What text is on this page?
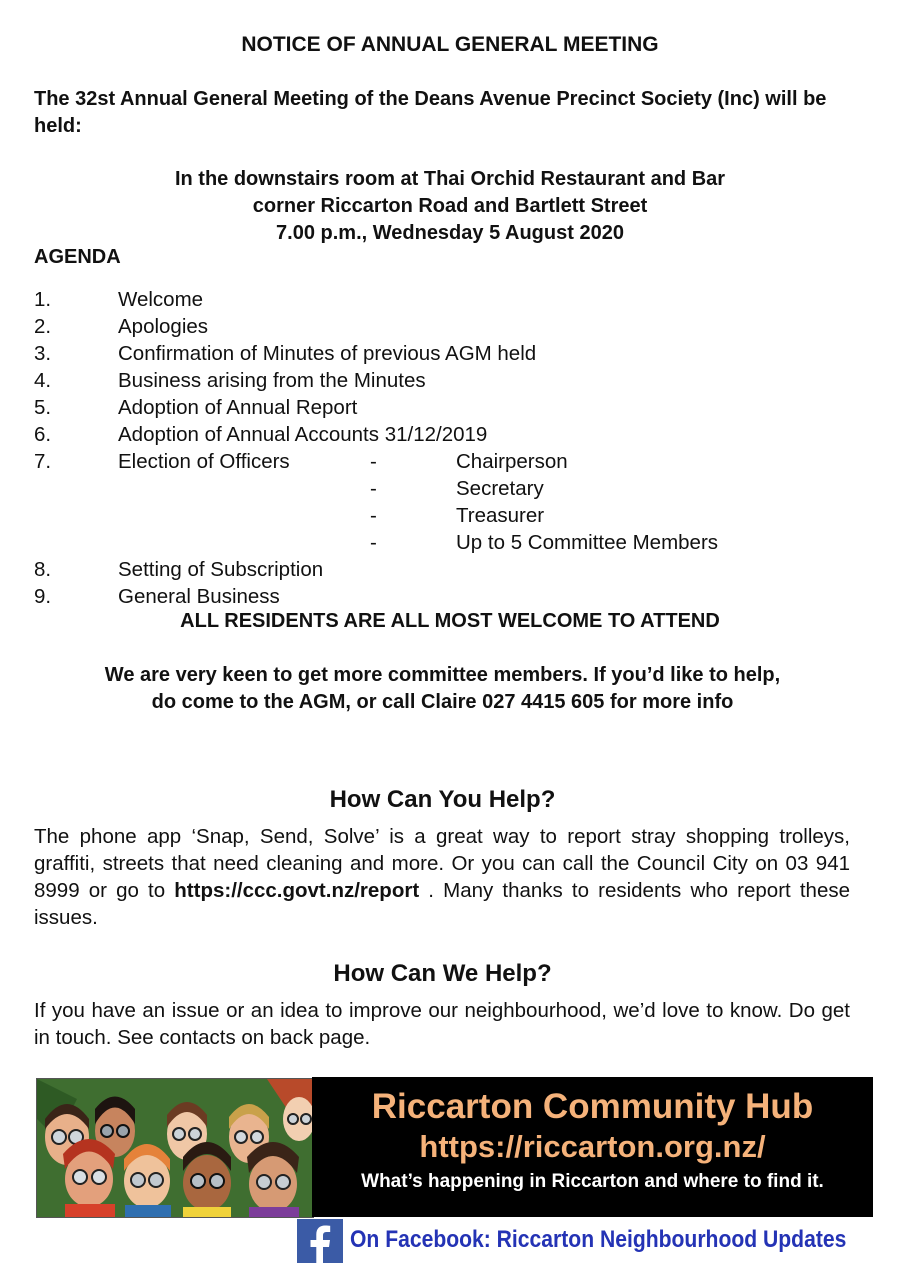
NOTICE OF ANNUAL GENERAL MEETING
The 32st Annual General Meeting of the Deans Avenue Precinct Society (Inc) will be held:
In the downstairs room at Thai Orchid Restaurant and Bar
corner Riccarton Road and Bartlett Street
7.00 p.m., Wednesday 5 August 2020
AGENDA
1.	Welcome
2.	Apologies
3.	Confirmation of Minutes of previous AGM held
4.	Business arising from the Minutes
5.	Adoption of Annual Report
6.	Adoption of Annual Accounts 31/12/2019
7.	Election of Officers	-	Chairperson
-	Secretary
-	Treasurer
-	Up to 5 Committee Members
8.	Setting of Subscription
9.	General Business
ALL RESIDENTS ARE ALL MOST WELCOME TO ATTEND
We are very keen to get more committee members. If you’d like to help,
do come to the AGM, or call Claire 027 4415 605 for more info
How Can You Help?
The phone app ‘Snap, Send, Solve’ is a great way to report stray shopping trolleys, graffiti, streets that need cleaning and more. Or you can call the Council City on 03 941 8999 or go to https://ccc.govt.nz/report . Many thanks to residents who report these issues.
How Can We Help?
If you have an issue or an idea to improve our neighbourhood, we’d love to know. Do get in touch. See contacts on back page.
Riccarton Community Hub
https://riccarton.org.nz/
What’s happening in Riccarton and where to find it.
On Facebook: Riccarton Neighbourhood Updates
